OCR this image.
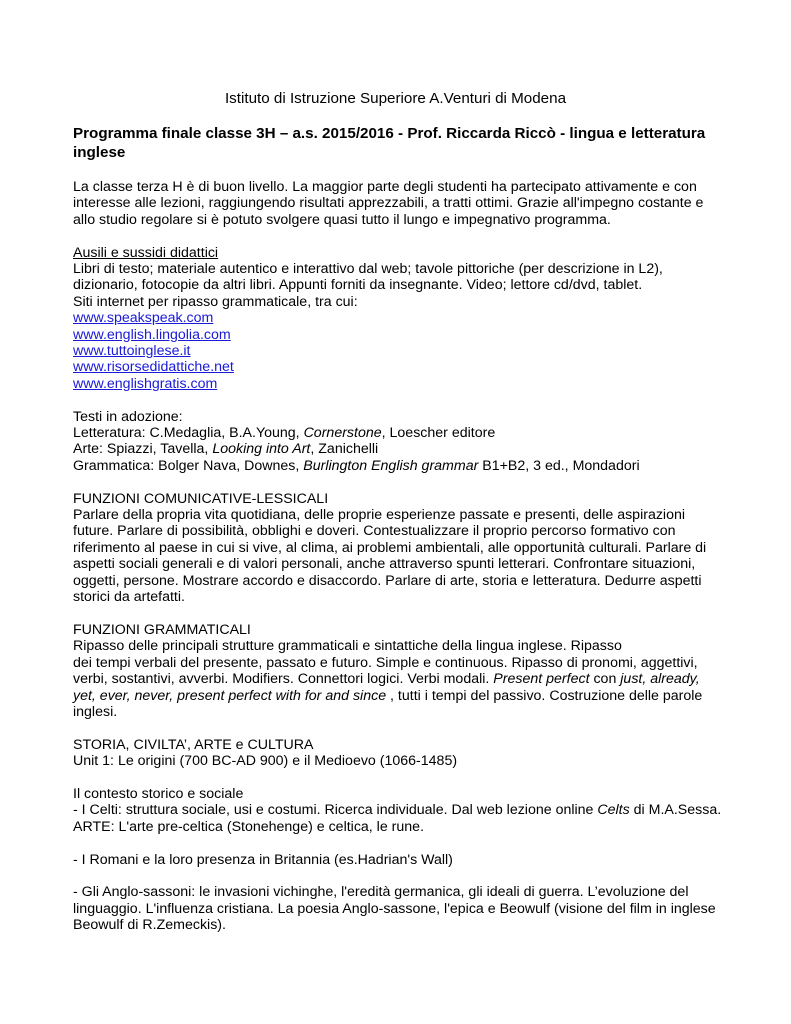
Istituto di Istruzione Superiore A.Venturi di Modena
Programma finale classe 3H – a.s. 2015/2016 - Prof. Riccarda Riccò - lingua e letteratura inglese

La classe terza H è di buon livello. La maggior parte degli studenti ha partecipato attivamente e con interesse alle lezioni, raggiungendo risultati apprezzabili, a tratti ottimi. Grazie all'impegno costante e allo studio regolare si è potuto svolgere quasi tutto il lungo e impegnativo programma.

Ausili e sussidi didattici

Libri di testo; materiale autentico e interattivo dal web; tavole pittoriche (per descrizione in L2), dizionario, fotocopie da altri libri. Appunti forniti da insegnante. Video; lettore cd/dvd, tablet.

Siti internet per ripasso grammaticale, tra cui:

www.speakspeak.com
www.english.lingolia.com
www.tuttoinglese.it
www.risorsedidattiche.net
www.englishgratis.com

Testi in adozione:

Letteratura: C.Medaglia, B.A.Young, Cornerstone, Loescher editore

Arte: Spiazzi, Tavella, Looking into Art, Zanichelli

Grammatica: Bolger Nava, Downes, Burlington English grammar B1+B2, 3 ed., Mondadori

FUNZIONI COMUNICATIVE-LESSICALI

Parlare della propria vita quotidiana, delle proprie esperienze passate e presenti, delle aspirazioni future. Parlare di possibilità, obblighi e doveri. Contestualizzare il proprio percorso formativo con riferimento al paese in cui si vive, al clima, ai problemi ambientali, alle opportunità culturali. Parlare di aspetti sociali generali e di valori personali, anche attraverso spunti letterari. Confrontare situazioni, oggetti, persone. Mostrare accordo e disaccordo. Parlare di arte, storia e letteratura. Dedurre aspetti storici da artefatti.

FUNZIONI GRAMMATICALI

Ripasso delle principali strutture grammaticali e sintattiche della lingua inglese. Ripasso

dei tempi verbali del presente, passato e futuro. Simple e continuous. Ripasso di pronomi, aggettivi, verbi, sostantivi, avverbi. Modifiers. Connettori logici. Verbi modali. Present perfect con just, already, yet, ever, never, present perfect with for and since , tutti i tempi del passivo. Costruzione delle parole inglesi.

STORIA, CIVILTA’, ARTE e CULTURA

Unit 1: Le origini (700 BC-AD 900) e il Medioevo (1066-1485)

Il contesto storico e sociale

- I Celti: struttura sociale, usi e costumi. Ricerca individuale. Dal web lezione online Celts di M.A.Sessa.

ARTE: L'arte pre-celtica (Stonehenge) e celtica, le rune.

- I Romani e la loro presenza in Britannia (es.Hadrian's Wall)

- Gli Anglo-sassoni: le invasioni vichinghe, l'eredità germanica, gli ideali di guerra. L’evoluzione del linguaggio. L'influenza cristiana. La poesia Anglo-sassone, l'epica e Beowulf (visione del film in inglese Beowulf di R.Zemeckis).
